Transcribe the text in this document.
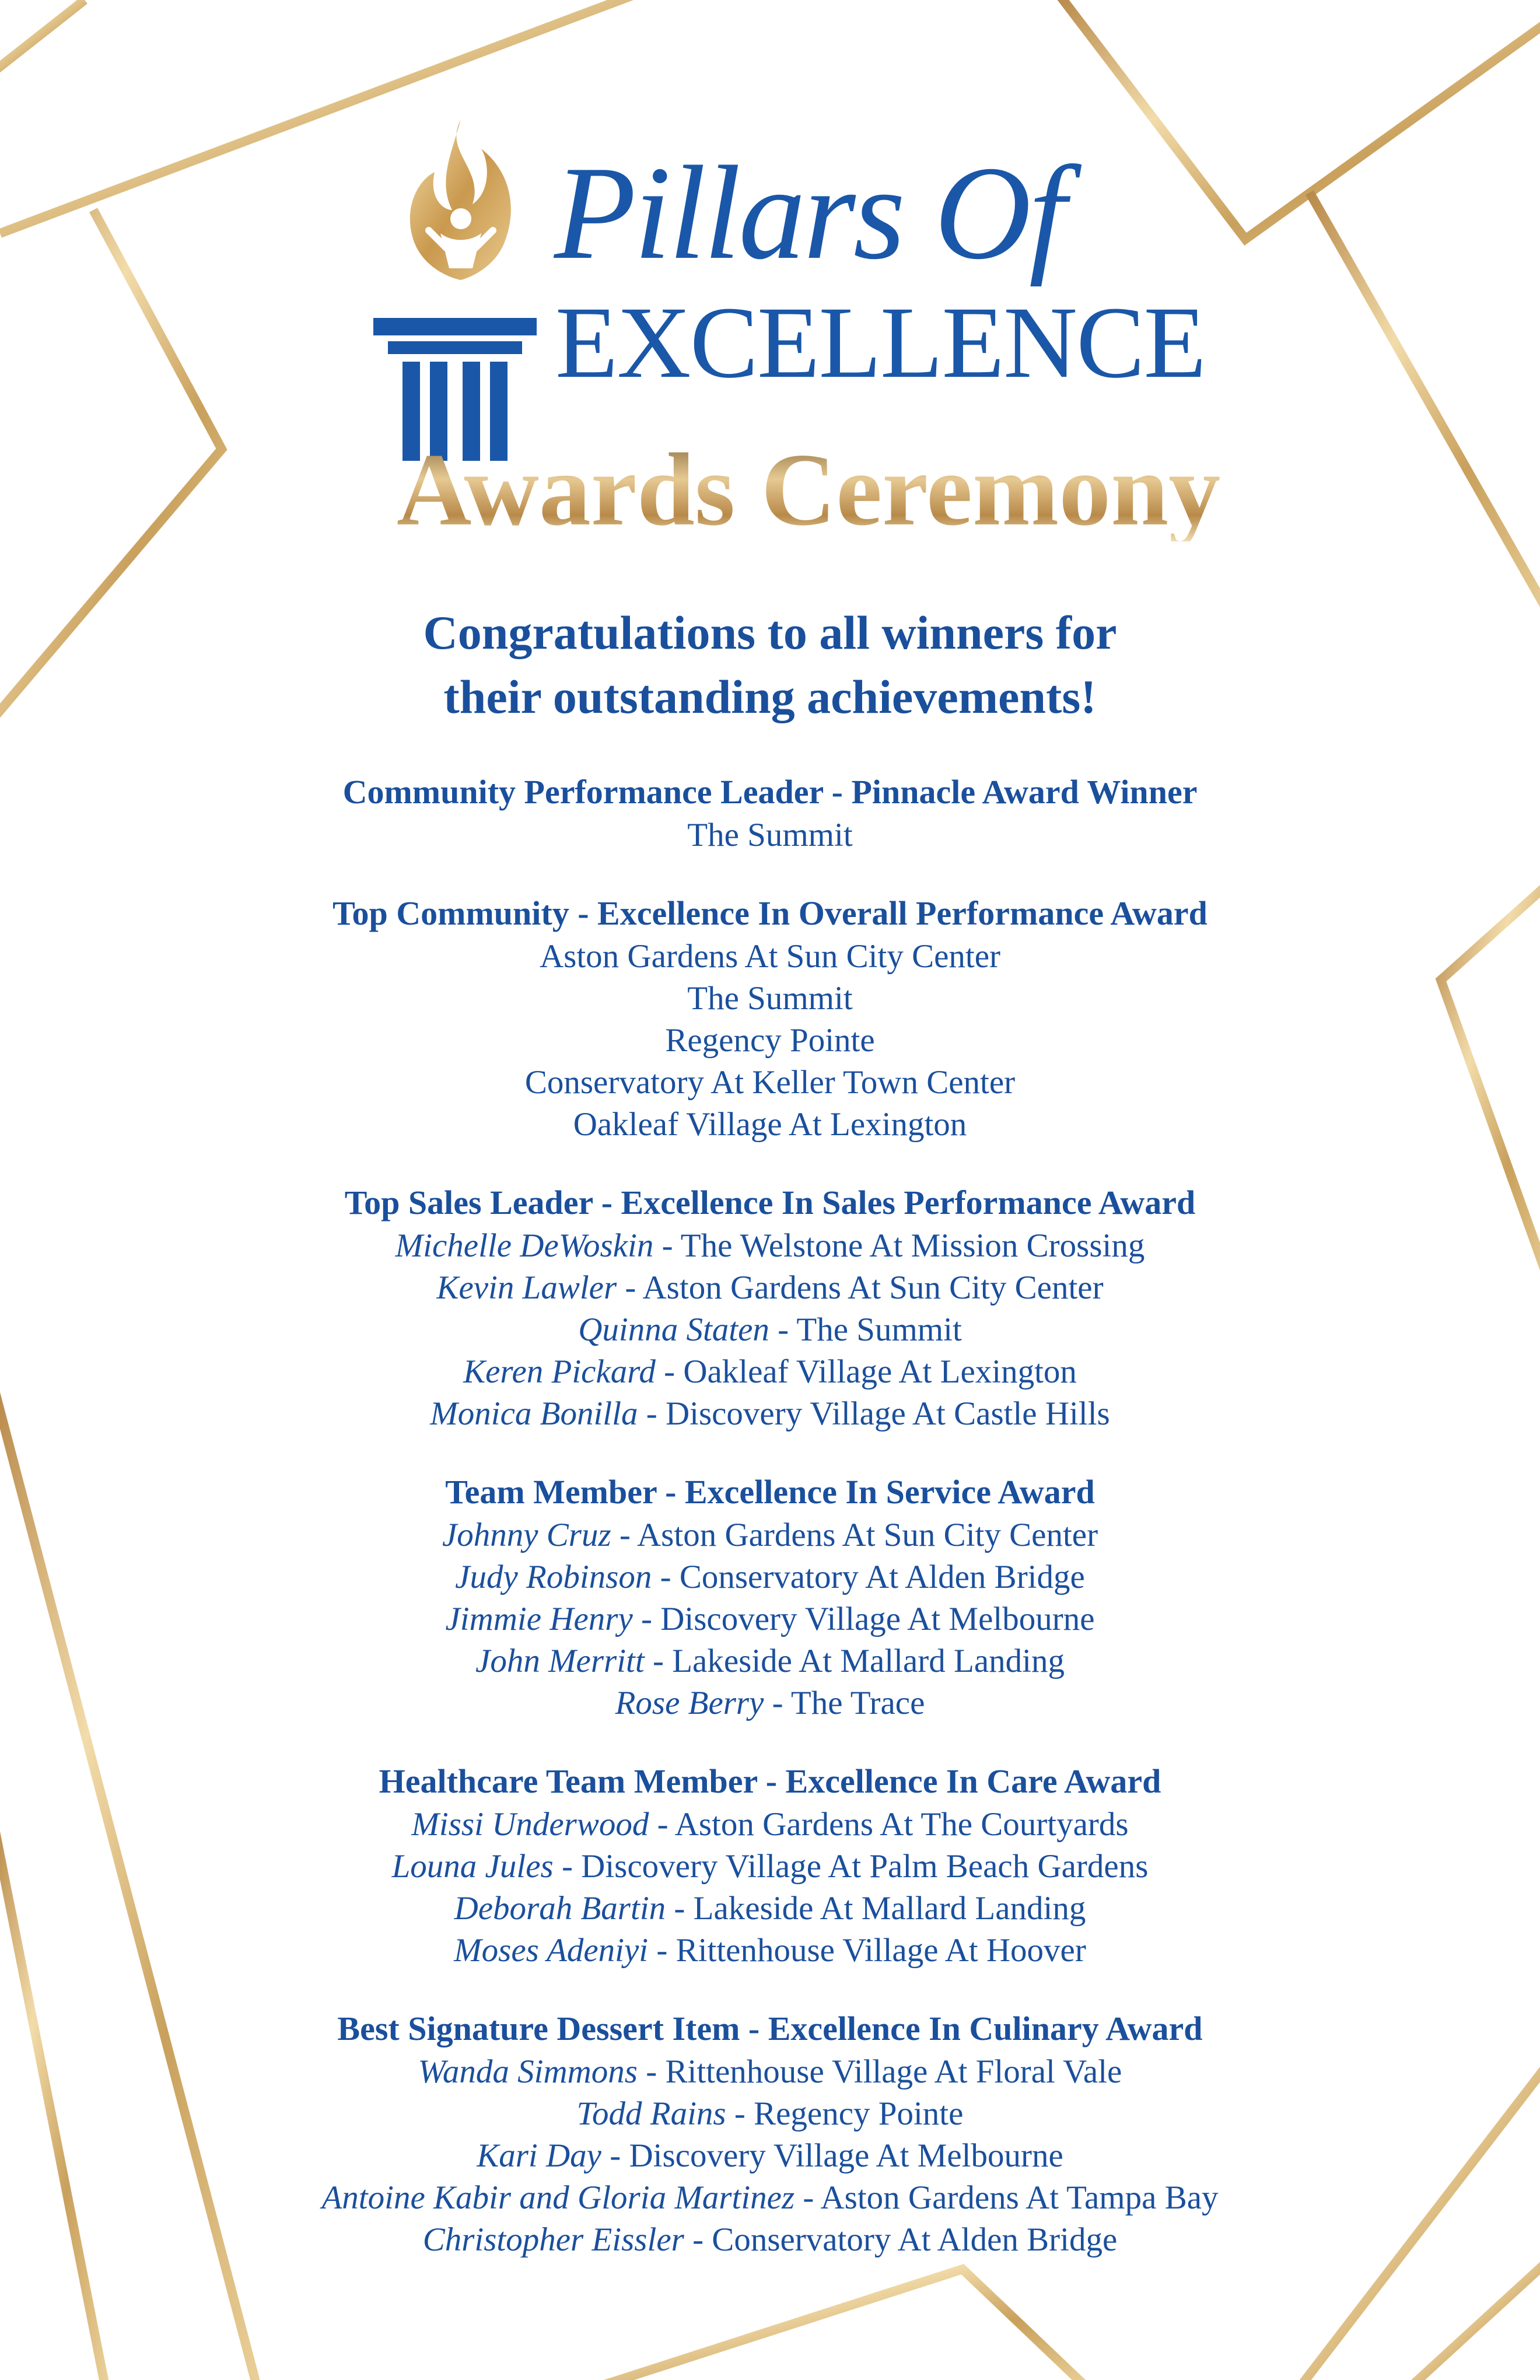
Pillars Of
EXCELLENCE
Awards Ceremony
Congratulations to all winners for
their outstanding achievements!
Community Performance Leader - Pinnacle Award Winner
The Summit
Top Community - Excellence In Overall Performance Award
Aston Gardens At Sun City Center
The Summit
Regency Pointe
Conservatory At Keller Town Center
Oakleaf Village At Lexington
Top Sales Leader - Excellence In Sales Performance Award
Michelle DeWoskin - The Welstone At Mission Crossing
Kevin Lawler - Aston Gardens At Sun City Center
Quinna Staten - The Summit
Keren Pickard - Oakleaf Village At Lexington
Monica Bonilla - Discovery Village At Castle Hills
Team Member - Excellence In Service Award
Johnny Cruz - Aston Gardens At Sun City Center
Judy Robinson - Conservatory At Alden Bridge
Jimmie Henry - Discovery Village At Melbourne
John Merritt - Lakeside At Mallard Landing
Rose Berry - The Trace
Healthcare Team Member - Excellence In Care Award
Missi Underwood - Aston Gardens At The Courtyards
Louna Jules - Discovery Village At Palm Beach Gardens
Deborah Bartin - Lakeside At Mallard Landing
Moses Adeniyi - Rittenhouse Village At Hoover
Best Signature Dessert Item - Excellence In Culinary Award
Wanda Simmons - Rittenhouse Village At Floral Vale
Todd Rains - Regency Pointe
Kari Day - Discovery Village At Melbourne
Antoine Kabir and Gloria Martinez - Aston Gardens At Tampa Bay
Christopher Eissler - Conservatory At Alden Bridge
